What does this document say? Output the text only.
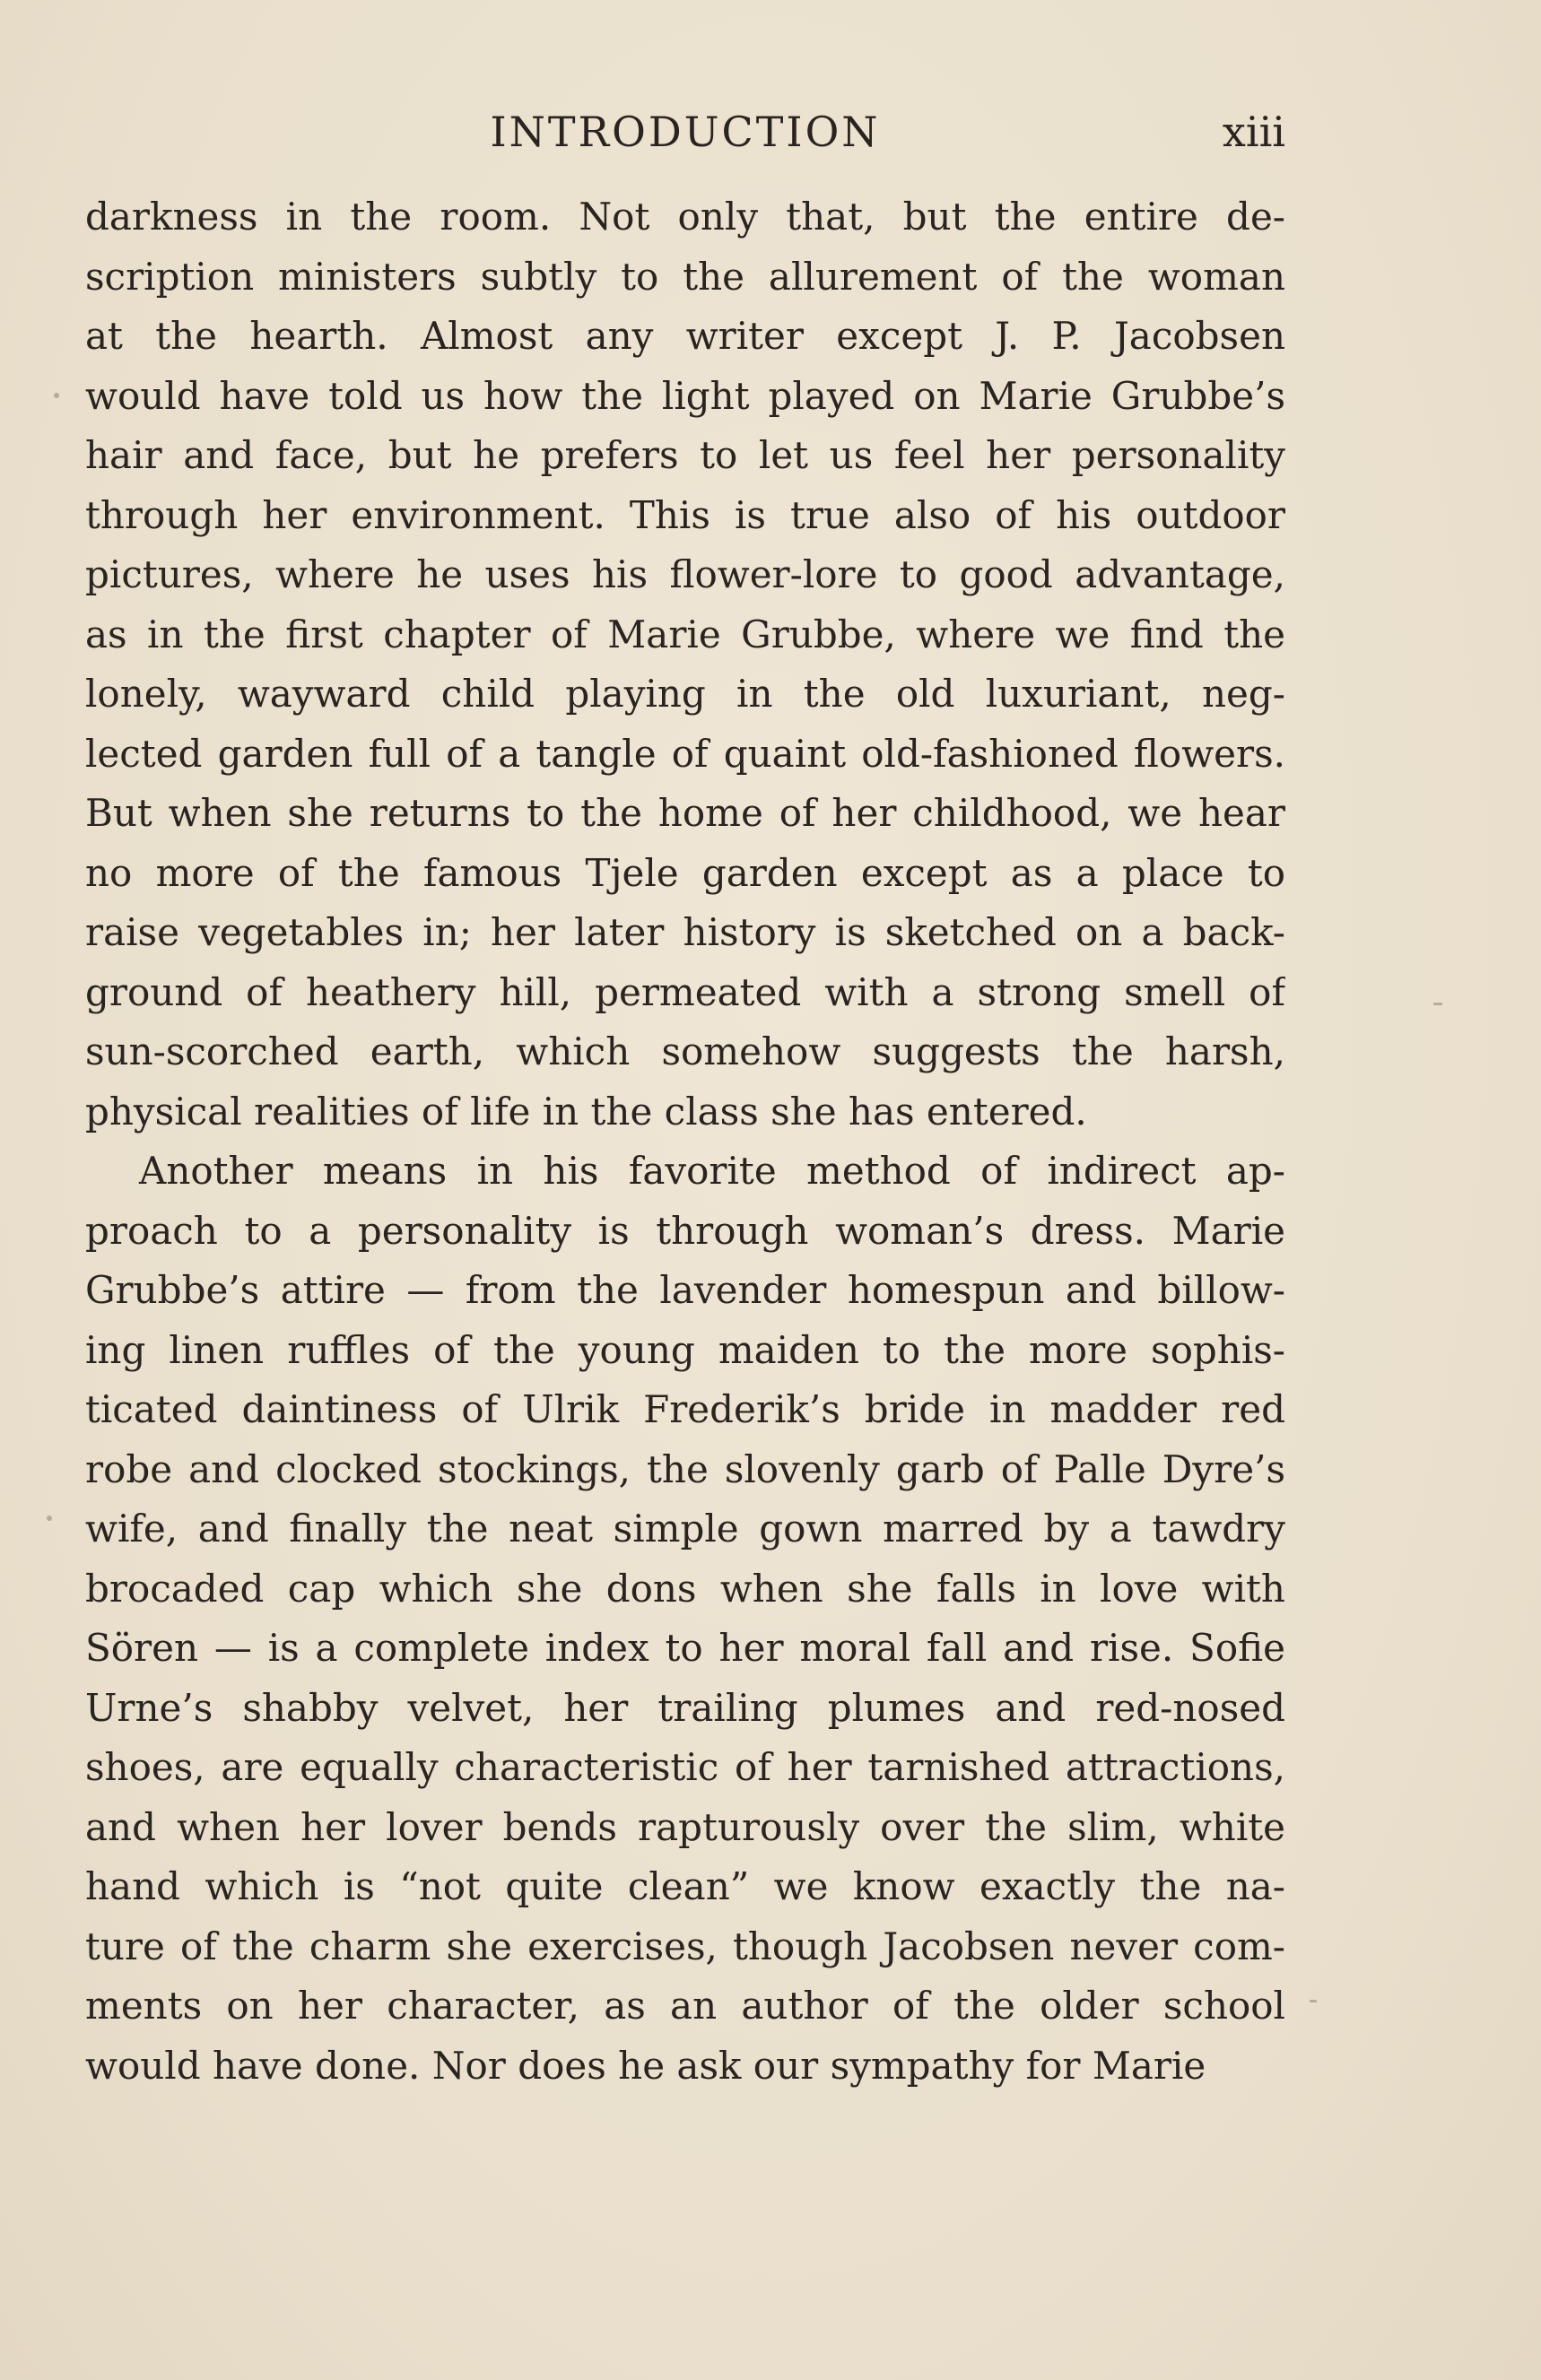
INTRODUCTION	xiii
darkness in the room. Not only that, but the entire de-
scription ministers subtly to the allurement of the woman
at the hearth. Almost any writer except J. P. Jacobsen
would have told us how the light played on Marie Grubbe’s
hair and face, but he prefers to let us feel her personality
through her environment. This is true also of his outdoor
pictures, where he uses his flower-lore to good advantage,
as in the first chapter of Marie Grubbe, where we find the
lonely, wayward child playing in the old luxuriant, neg-
lected garden full of a tangle of quaint old-fashioned flowers.
But when she returns to the home of her childhood, we hear
no more of the famous Tjele garden except as a place to
raise vegetables in; her later history is sketched on a back-
ground of heathery hill, permeated with a strong smell of
sun-scorched earth, which somehow suggests the harsh,
physical realities of life in the class she has entered.
Another means in his favorite method of indirect ap-
proach to a personality is through woman’s dress. Marie
Grubbe’s attire — from the lavender homespun and billow-
ing linen ruffles of the young maiden to the more sophis-
ticated daintiness of Ulrik Frederik’s bride in madder red
robe and clocked stockings, the slovenly garb of Palle Dyre’s
wife, and finally the neat simple gown marred by a tawdry
brocaded cap which she dons when she falls in love with
Sören — is a complete index to her moral fall and rise. Sofie
Urne’s shabby velvet, her trailing plumes and red-nosed
shoes, are equally characteristic of her tarnished attractions,
and when her lover bends rapturously over the slim, white
hand which is “not quite clean” we know exactly the na-
ture of the charm she exercises, though Jacobsen never com-
ments on her character, as an author of the older school
would have done. Nor does he ask our sympathy for Marie
